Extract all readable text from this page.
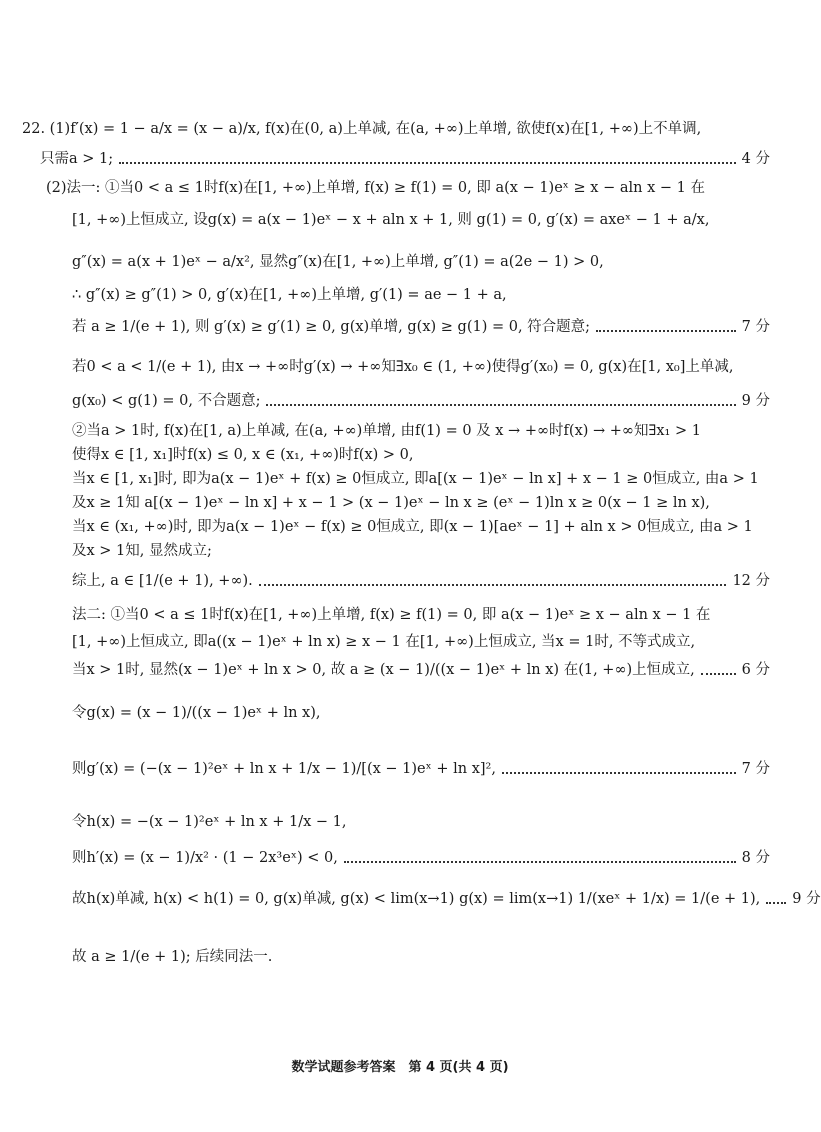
22. (1)f′(x) = 1 − a/x = (x − a)/x, f(x)在(0, a)上单减, 在(a, +∞)上单增, 欲使f(x)在[1, +∞)上不单调,
只需a > 1;	4 分
(2)法一: ①当0 < a ≤ 1时f(x)在[1, +∞)上单增, f(x) ≥ f(1) = 0, 即 a(x − 1)eˣ ≥ x − aln x − 1 在
[1, +∞)上恒成立, 设g(x) = a(x − 1)eˣ − x + aln x + 1, 则 g(1) = 0, g′(x) = axeˣ − 1 + a/x,
g″(x) = a(x + 1)eˣ − a/x², 显然g″(x)在[1, +∞)上单增, g″(1) = a(2e − 1) > 0,
∴ g″(x) ≥ g″(1) > 0, g′(x)在[1, +∞)上单增, g′(1) = ae − 1 + a,
若 a ≥ 1/(e + 1), 则 g′(x) ≥ g′(1) ≥ 0, g(x)单增, g(x) ≥ g(1) = 0, 符合题意;	7 分
若0 < a < 1/(e + 1), 由x → +∞时g′(x) → +∞知∃x₀ ∈ (1, +∞)使得g′(x₀) = 0, g(x)在[1, x₀]上单减,
g(x₀) < g(1) = 0, 不合题意;	9 分
②当a > 1时, f(x)在[1, a)上单减, 在(a, +∞)单增, 由f(1) = 0 及 x → +∞时f(x) → +∞知∃x₁ > 1
使得x ∈ [1, x₁]时f(x) ≤ 0, x ∈ (x₁, +∞)时f(x) > 0,
当x ∈ [1, x₁]时, 即为a(x − 1)eˣ + f(x) ≥ 0恒成立, 即a[(x − 1)eˣ − ln x] + x − 1 ≥ 0恒成立, 由a > 1
及x ≥ 1知 a[(x − 1)eˣ − ln x] + x − 1 > (x − 1)eˣ − ln x ≥ (eˣ − 1)ln x ≥ 0(x − 1 ≥ ln x),
当x ∈ (x₁, +∞)时, 即为a(x − 1)eˣ − f(x) ≥ 0恒成立, 即(x − 1)[aeˣ − 1] + aln x > 0恒成立, 由a > 1
及x > 1知, 显然成立;
综上, a ∈ [1/(e + 1), +∞).	12 分
法二: ①当0 < a ≤ 1时f(x)在[1, +∞)上单增, f(x) ≥ f(1) = 0, 即 a(x − 1)eˣ ≥ x − aln x − 1 在
[1, +∞)上恒成立, 即a((x − 1)eˣ + ln x) ≥ x − 1 在[1, +∞)上恒成立, 当x = 1时, 不等式成立,
当x > 1时, 显然(x − 1)eˣ + ln x > 0, 故 a ≥ (x − 1)/((x − 1)eˣ + ln x) 在(1, +∞)上恒成立,	6 分
令g(x) = (x − 1)/((x − 1)eˣ + ln x),
则g′(x) = (−(x − 1)²eˣ + ln x + 1/x − 1)/[(x − 1)eˣ + ln x]²,	7 分
令h(x) = −(x − 1)²eˣ + ln x + 1/x − 1,
则h′(x) = (x − 1)/x² · (1 − 2x³eˣ) < 0,	8 分
故h(x)单减, h(x) < h(1) = 0, g(x)单减, g(x) < lim(x→1) g(x) = lim(x→1) 1/(xeˣ + 1/x) = 1/(e + 1), 9 分
故 a ≥ 1/(e + 1); 后续同法一.
数学试题参考答案　第 4 页(共 4 页)
